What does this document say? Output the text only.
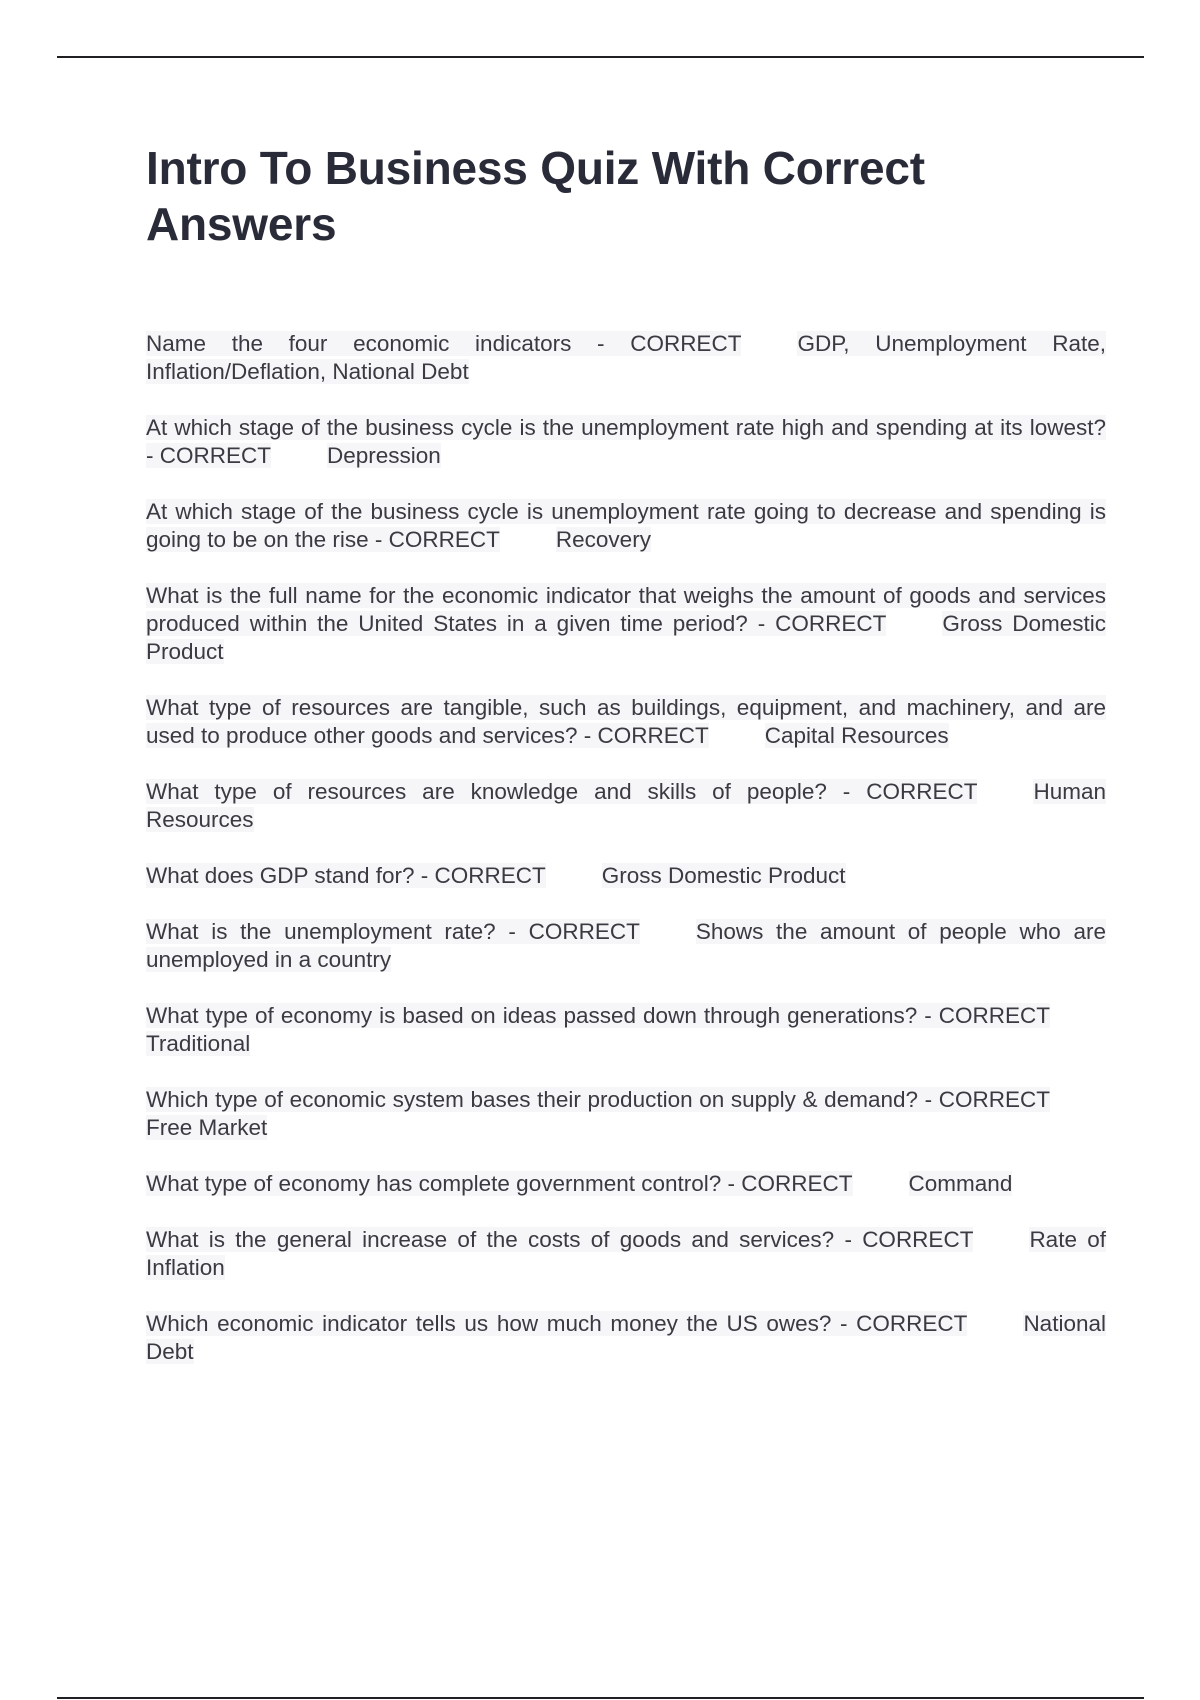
Intro To Business Quiz With Correct Answers

Name the four economic indicators - CORRECT GDP, Unemployment Rate, Inflation/Deflation, National Debt

At which stage of the business cycle is the unemployment rate high and spending at its lowest? - CORRECT Depression

At which stage of the business cycle is unemployment rate going to decrease and spending is going to be on the rise - CORRECT Recovery

What is the full name for the economic indicator that weighs the amount of goods and services produced within the United States in a given time period? - CORRECT Gross Domestic Product

What type of resources are tangible, such as buildings, equipment, and machinery, and are used to produce other goods and services? - CORRECT Capital Resources

What type of resources are knowledge and skills of people? - CORRECT Human Resources

What does GDP stand for? - CORRECT Gross Domestic Product

What is the unemployment rate? - CORRECT Shows the amount of people who are unemployed in a country

What type of economy is based on ideas passed down through generations? - CORRECTTraditional

Which type of economic system bases their production on supply & demand? - CORRECTFree Market

What type of economy has complete government control? - CORRECT Command

What is the general increase of the costs of goods and services? - CORRECT Rate of Inflation

Which economic indicator tells us how much money the US owes? - CORRECT National Debt
